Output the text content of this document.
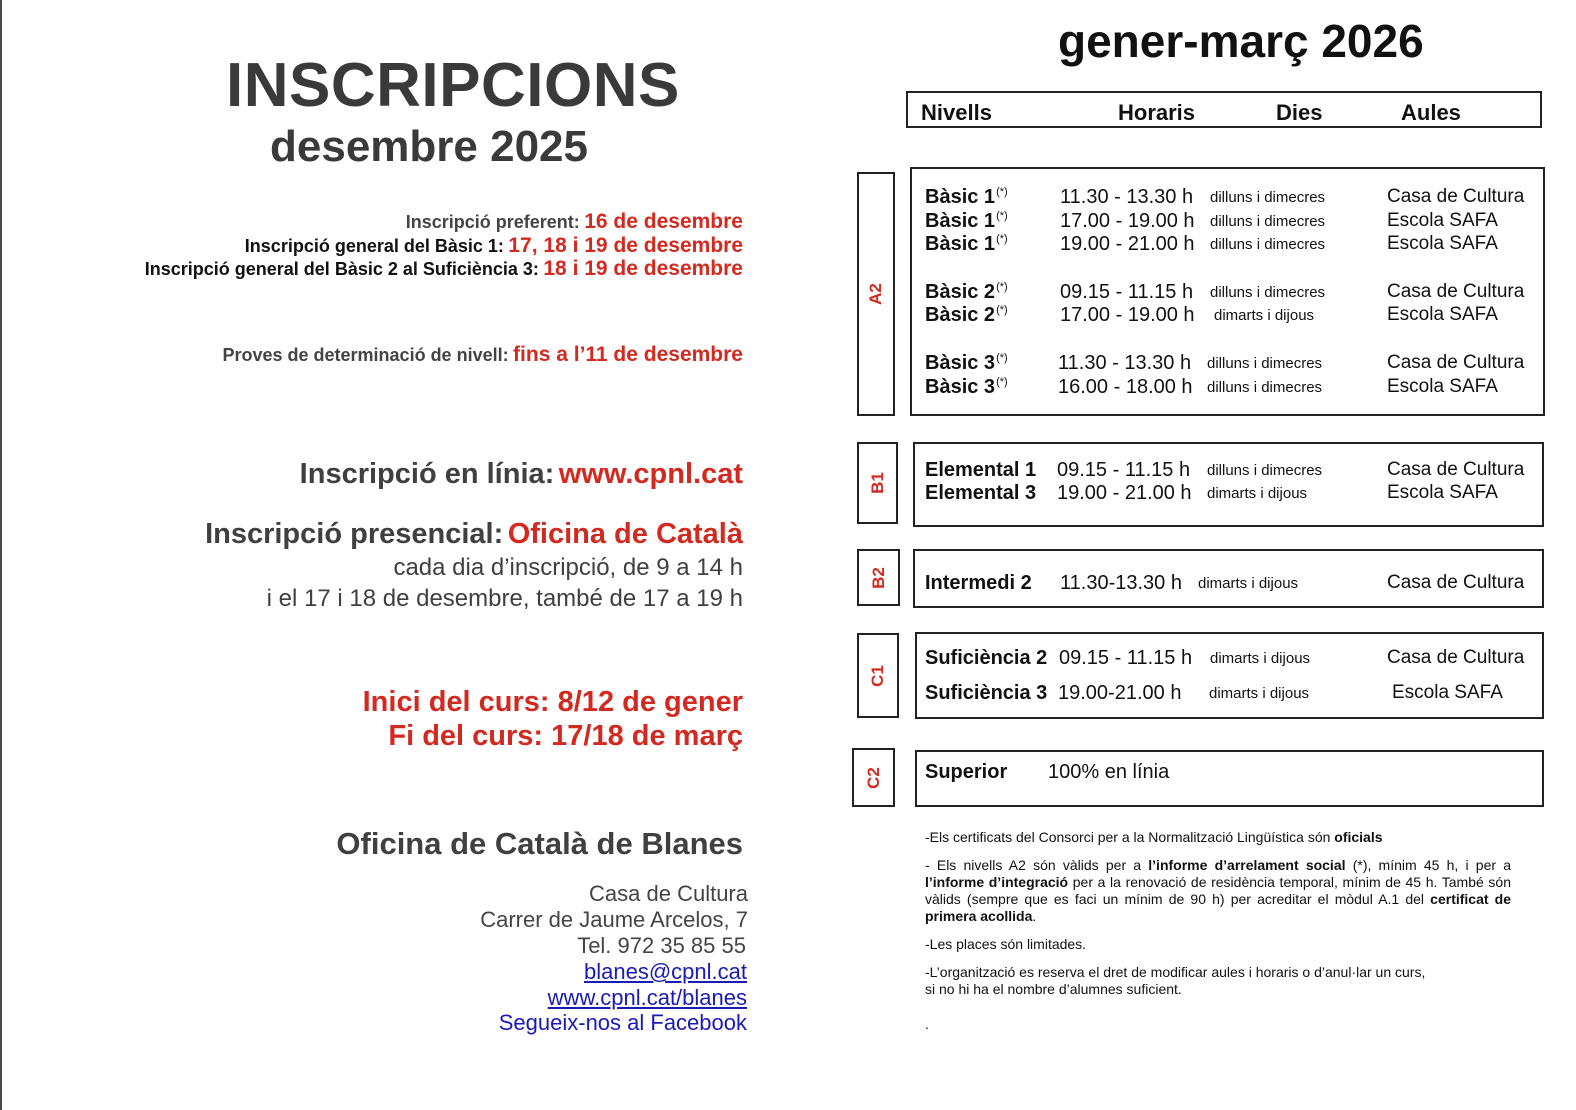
INSCRIPCIONS
desembre 2025
Inscripció preferent: 16 de desembre
Inscripció general del Bàsic 1: 17, 18 i 19 de desembre
Inscripció general del Bàsic 2 al Suficiència 3: 18 i 19 de desembre
Proves de determinació de nivell: fins a l’11 de desembre
Inscripció en línia: www.cpnl.cat
Inscripció presencial: Oficina de Català
cada dia d’inscripció, de 9 a 14 h
i el 17 i 18 de desembre, també de 17 a 19 h
Inici del curs: 8/12 de gener
Fi del curs: 17/18 de març
Oficina de Català de Blanes
Casa de Cultura
Carrer de Jaume Arcelos, 7
Tel. 972 35 85 55
blanes@cpnl.cat
www.cpnl.cat/blanes
Segueix-nos al Facebook
gener-març 2026
Nivells	Horaris	Dies	Aules
A2
Bàsic 1(*)	11.30 - 13.30 h dilluns i dimecres	Casa de Cultura
Bàsic 1(*)	17.00 - 19.00 h dilluns i dimecres	Escola SAFA
Bàsic 1(*)	19.00 - 21.00 h dilluns i dimecres	Escola SAFA
Bàsic 2(*)	09.15 - 11.15 h dilluns i dimecres	Casa de Cultura
Bàsic 2(*)	17.00 - 19.00 h dimarts i dijous	Escola SAFA
Bàsic 3(*)	11.30 - 13.30 h dilluns i dimecres	Casa de Cultura
Bàsic 3(*)	16.00 - 18.00 h dilluns i dimecres	Escola SAFA
B1
Elemental 1 09.15 - 11.15 h dilluns i dimecres	Casa de Cultura
Elemental 3 19.00 - 21.00 h dimarts i dijous	Escola SAFA
B2 Intermedi 2 11.30-13.30 h dimarts i dijous	Casa de Cultura
C1
Suficiència 2 09.15 - 11.15 h dimarts i dijous	Casa de Cultura
Suficiència 3 19.00-21.00 h dimarts i dijous	Escola SAFA
C2 Superior 100% en línia
-Els certificats del Consorci per a la Normalització Lingüística són oficials
- Els nivells A2 són vàlids per a l’informe d’arrelament social (*), mínim 45 h, i per a l’informe d’integració per a la renovació de residència temporal, mínim de 45 h. També són vàlids (sempre que es faci un mínim de 90 h) per acreditar el mòdul A.1 del certificat de primera acollida.
-Les places són limitades.
-L’organització es reserva el dret de modificar aules i horaris o d’anul·lar un curs,
si no hi ha el nombre d’alumnes suficient.
.
